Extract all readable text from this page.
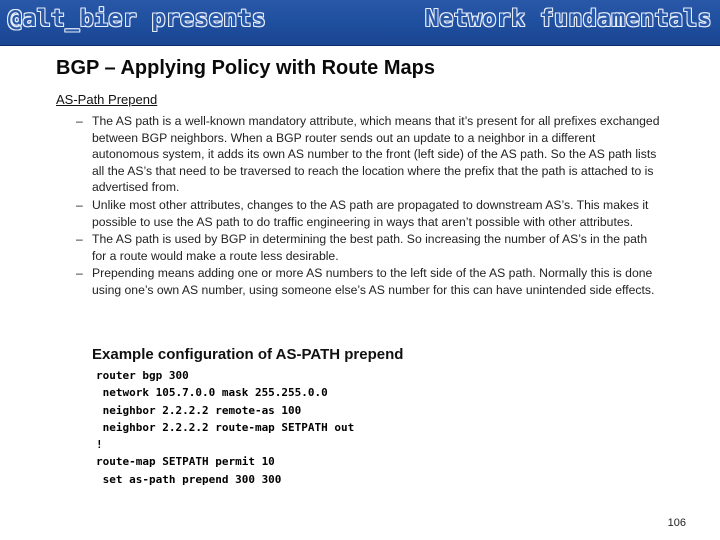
@alt_bier presents	Network fundamentals
BGP – Applying Policy with Route Maps
AS-Path Prepend
– The AS path is a well-known mandatory attribute, which means that it’s present for all prefixes exchanged between BGP neighbors. When a BGP router sends out an update to a neighbor in a different autonomous system, it adds its own AS number to the front (left side) of the AS path. So the AS path lists all the AS’s that need to be traversed to reach the location where the prefix that the path is attached to is advertised from.
– Unlike most other attributes, changes to the AS path are propagated to downstream AS’s. This makes it possible to use the AS path to do traffic engineering in ways that aren’t possible with other attributes.
– The AS path is used by BGP in determining the best path. So increasing the number of AS’s in the path for a route would make a route less desirable.
– Prepending means adding one or more AS numbers to the left side of the AS path. Normally this is done using one’s own AS number, using someone else’s AS number for this can have unintended side effects.
Example configuration of AS-PATH prepend
router bgp 300
network 105.7.0.0 mask 255.255.0.0
neighbor 2.2.2.2 remote-as 100
neighbor 2.2.2.2 route-map SETPATH out
!
route-map SETPATH permit 10
set as-path prepend 300 300
106
